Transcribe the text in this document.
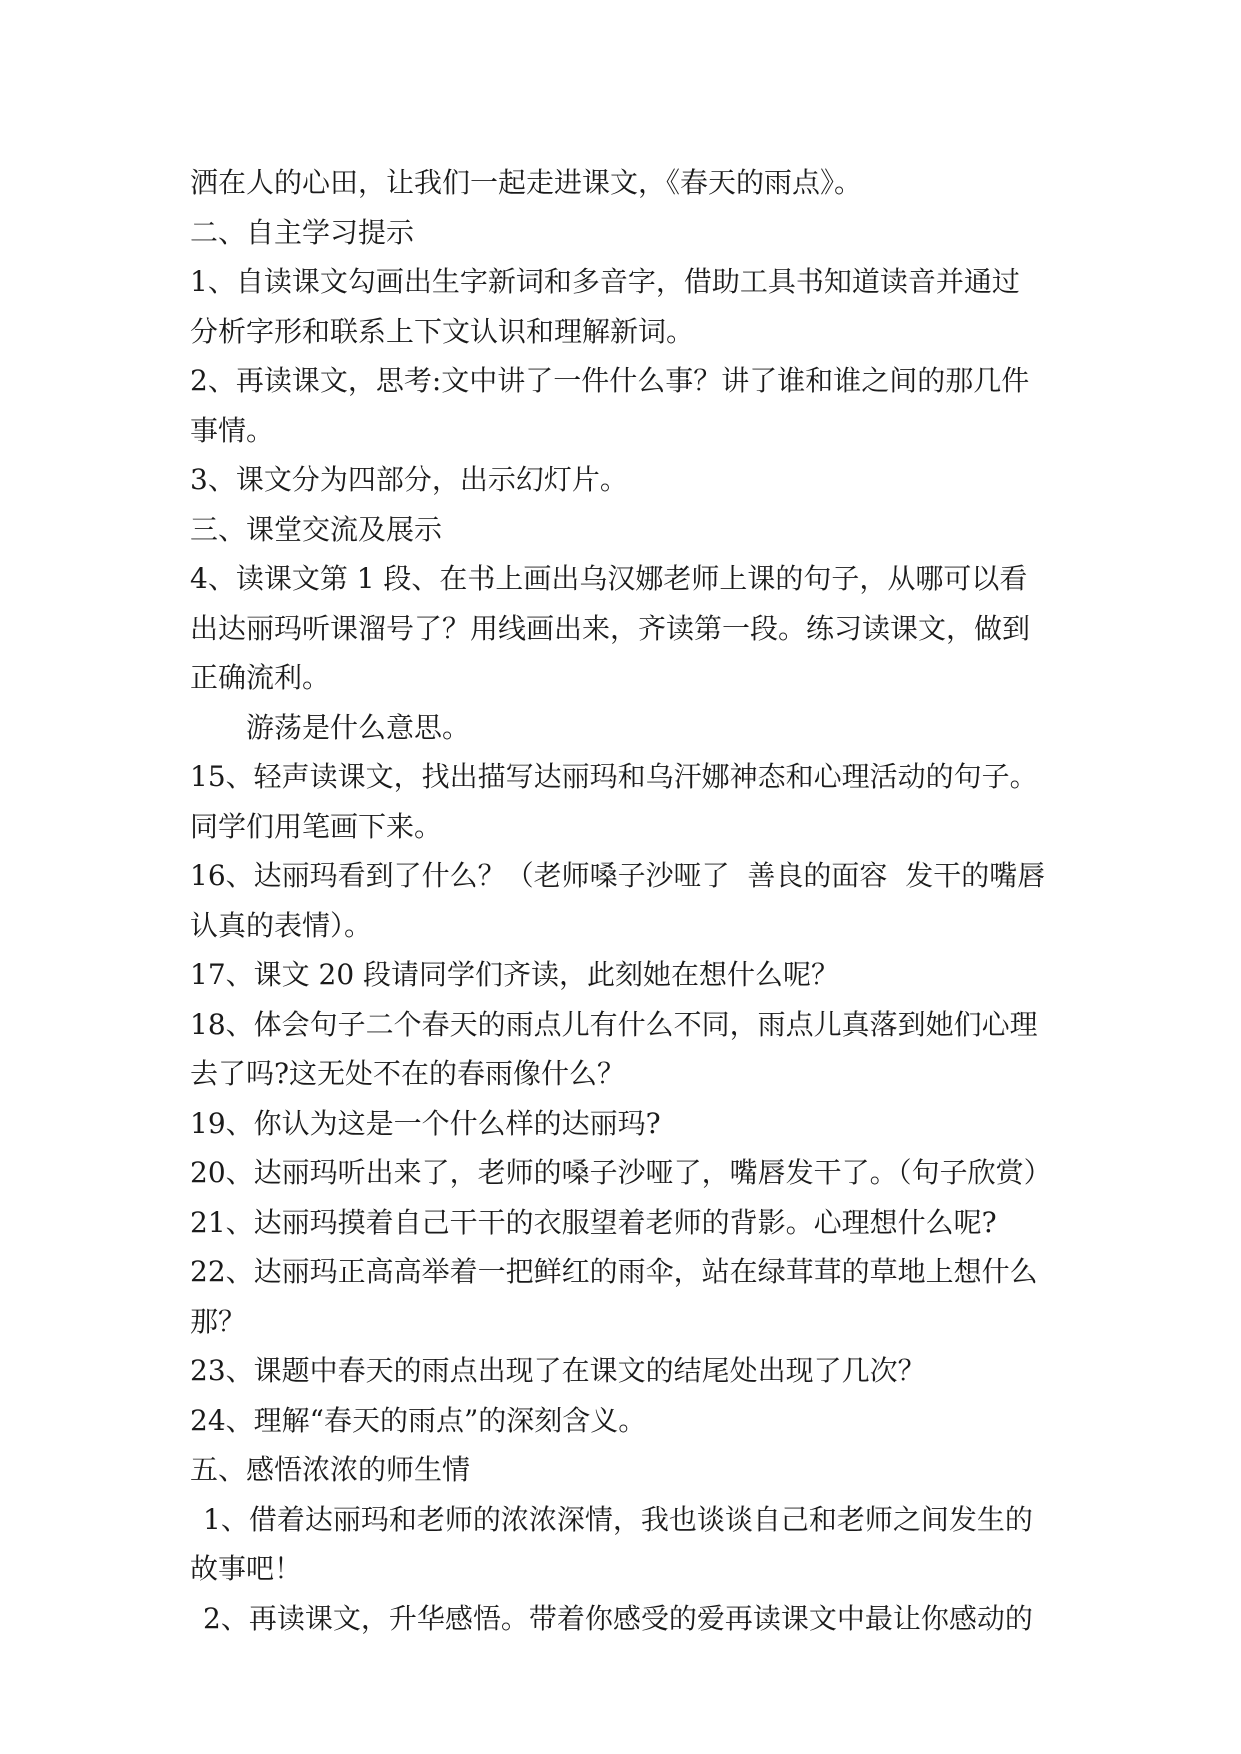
洒在人的心田，让我们一起走进课文，《春天的雨点》。
二、自主学习提示
1、自读课文勾画出生字新词和多音字，借助工具书知道读音并通过
分析字形和联系上下文认识和理解新词。
2、再读课文，思考:文中讲了一件什么事？讲了谁和谁之间的那几件
事情。
3、课文分为四部分，出示幻灯片。
三、课堂交流及展示
4、读课文第 1 段、在书上画出乌汉娜老师上课的句子，从哪可以看
出达丽玛听课溜号了？用线画出来，齐读第一段。练习读课文，做到
正确流利。
游荡是什么意思。
15、轻声读课文，找出描写达丽玛和乌汗娜神态和心理活动的句子。
同学们用笔画下来。
16、达丽玛看到了什么？（老师嗓子沙哑了  善良的面容  发干的嘴唇
认真的表情）。
17、课文 20 段请同学们齐读，此刻她在想什么呢？
18、体会句子二个春天的雨点儿有什么不同，雨点儿真落到她们心理
去了吗?这无处不在的春雨像什么？
19、你认为这是一个什么样的达丽玛?
20、达丽玛听出来了，老师的嗓子沙哑了，嘴唇发干了。（句子欣赏）
21、达丽玛摸着自己干干的衣服望着老师的背影。心理想什么呢?
22、达丽玛正高高举着一把鲜红的雨伞，站在绿茸茸的草地上想什么
那？
23、课题中春天的雨点出现了在课文的结尾处出现了几次？
24、理解“春天的雨点”的深刻含义。
五、感悟浓浓的师生情
1、借着达丽玛和老师的浓浓深情，我也谈谈自己和老师之间发生的
故事吧！
2、再读课文，升华感悟。带着你感受的爱再读课文中最让你感动的
